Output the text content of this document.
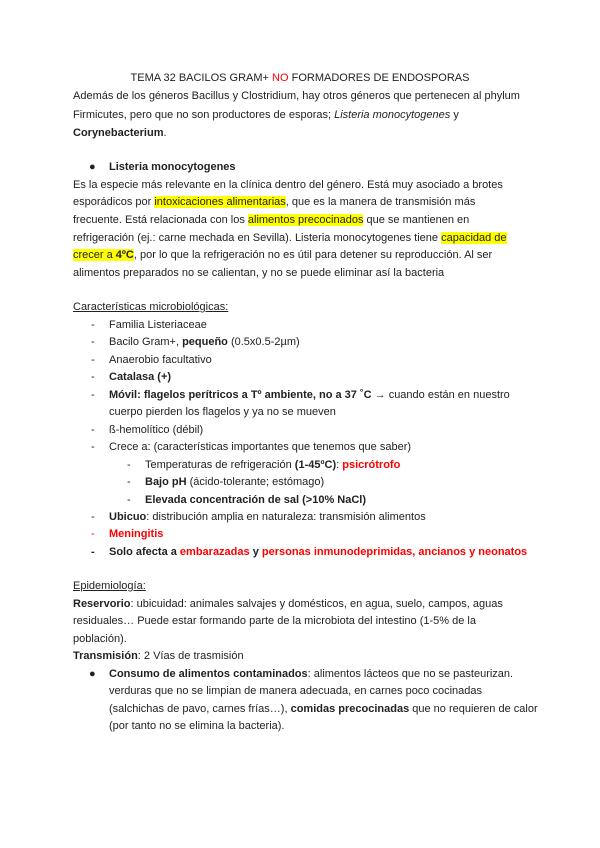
TEMA 32 BACILOS GRAM+ NO FORMADORES DE ENDOSPORAS
Además de los géneros Bacillus y Clostridium, hay otros géneros que pertenecen al phylum
Firmicutes, pero que no son productores de esporas; Listeria monocytogenes y
Corynebacterium.
● Listeria monocytogenes
Es la especie más relevante en la clínica dentro del género. Está muy asociado a brotes
esporádicos por intoxicaciones alimentarias, que es la manera de transmisión más
frecuente. Está relacionada con los alimentos precocinados que se mantienen en
refrigeración (ej.: carne mechada en Sevilla). Listeria monocytogenes tiene capacidad de
crecer a 4ºC, por lo que la refrigeración no es útil para detener su reproducción. Al ser
alimentos preparados no se calientan, y no se puede eliminar así la bacteria
Características microbiológicas:
- Familia Listeriaceae
- Bacilo Gram+, pequeño (0.5x0.5-2µm)
- Anaerobio facultativo
- Catalasa (+)
- Móvil: flagelos perítricos a Tº ambiente, no a 37 ˚C → cuando están en nuestro
cuerpo pierden los flagelos y ya no se mueven
- ß-hemolítico (débil)
- Crece a: (características importantes que tenemos que saber)
- Temperaturas de refrigeración (1-45ºC): psicrótrofo
- Bajo pH (ácido-tolerante; estómago)
- Elevada concentración de sal (>10% NaCl)
- Ubicuo: distribución amplia en naturaleza: transmisión alimentos
- Meningitis
- Solo afecta a embarazadas y personas inmunodeprimidas, ancianos y neonatos
Epidemiología:
Reservorio: ubicuidad: animales salvajes y domésticos, en agua, suelo, campos, aguas
residuales… Puede estar formando parte de la microbiota del intestino (1-5% de la
población).
Transmisión: 2 Vías de trasmisión
● Consumo de alimentos contaminados: alimentos lácteos que no se pasteurizan.
verduras que no se limpian de manera adecuada, en carnes poco cocinadas
(salchichas de pavo, carnes frías…), comidas precocinadas que no requieren de calor
(por tanto no se elimina la bacteria).
